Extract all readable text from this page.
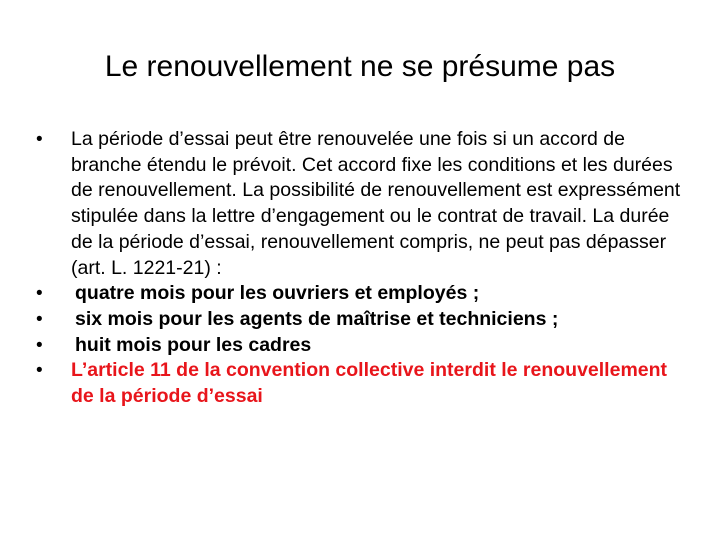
Le renouvellement ne se présume pas
•	La période d’essai peut être renouvelée une fois si un accord de branche étendu le prévoit. Cet accord fixe les conditions et les durées de renouvellement. La possibilité de renouvellement est expressément stipulée dans la lettre d’engagement ou le contrat de travail. La durée de la période d’essai, renouvellement compris, ne peut pas dépasser (art. L. 1221-21) :
•	quatre mois pour les ouvriers et employés ;
•	six mois pour les agents de maîtrise et techniciens ;
•	huit mois pour les cadres
•	L’article 11 de la convention collective interdit le renouvellement de la période d’essai
